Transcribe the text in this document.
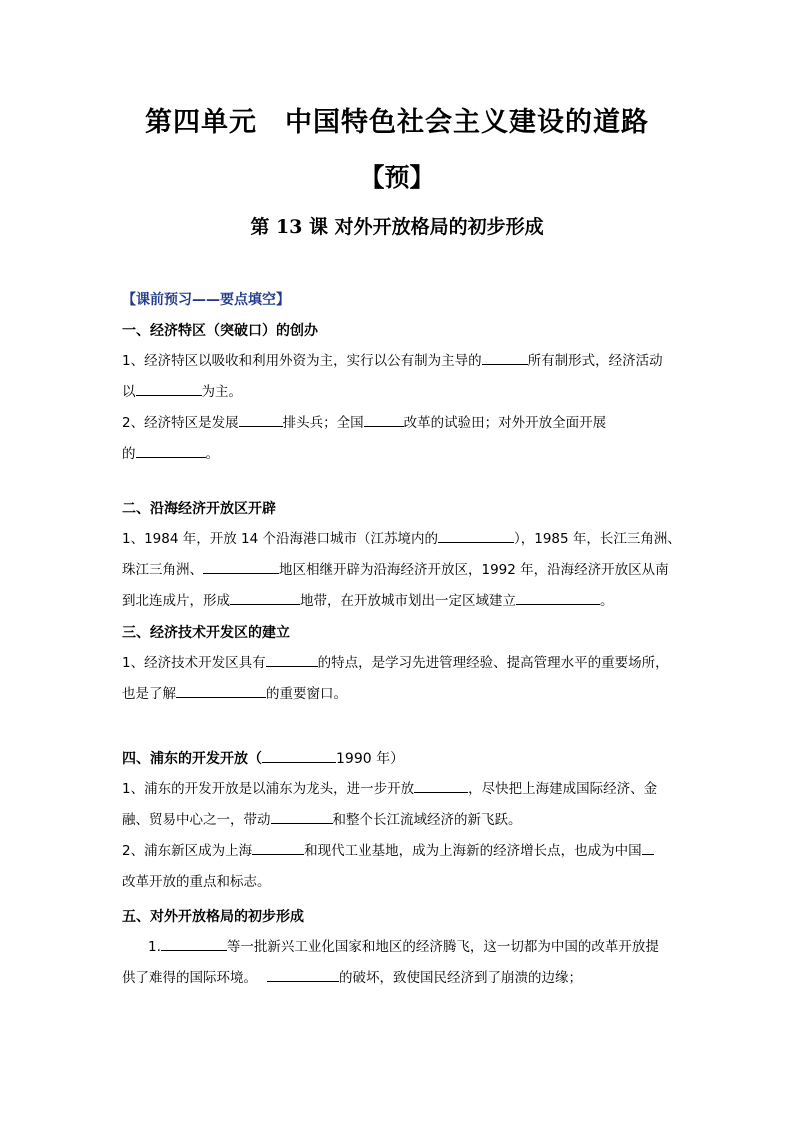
第四单元　中国特色社会主义建设的道路
【预】
第 13 课 对外开放格局的初步形成
【课前预习——要点填空】

一、经济特区（突破口）的创办

1、经济特区以吸收和利用外资为主，实行以公有制为主导的	所有制形式，经济活动
以	为主。

2、经济特区是发展	排头兵；全国	改革的试验田；对外开放全面开展
的	。

二、沿海经济开放区开辟

1、1984 年，开放 14 个沿海港口城市（江苏境内的	），1985 年，长江三角洲、
珠江三角洲、	地区相继开辟为沿海经济开放区，1992 年，沿海经济开放区从南
到北连成片，形成	地带，在开放城市划出一定区域建立	。

三、经济技术开发区的建立

1、经济技术开发区具有	的特点，是学习先进管理经验、提高管理水平的重要场所，
也是了解	的重要窗口。

四、浦东的开发开放（	1990 年）

1、浦东的开发开放是以浦东为龙头，进一步开放	，尽快把上海建成国际经济、金
融、贸易中心之一，带动	和整个长江流域经济的新飞跃。

2、浦东新区成为上海	和现代工业基地，成为上海新的经济增长点，也成为中国
改革开放的重点和标志。

五、对外开放格局的初步形成

1.	等一批新兴工业化国家和地区的经济腾飞，这一切都为中国的改革开放提
供了难得的国际环境。	的破坏，致使国民经济到了崩溃的边缘；
